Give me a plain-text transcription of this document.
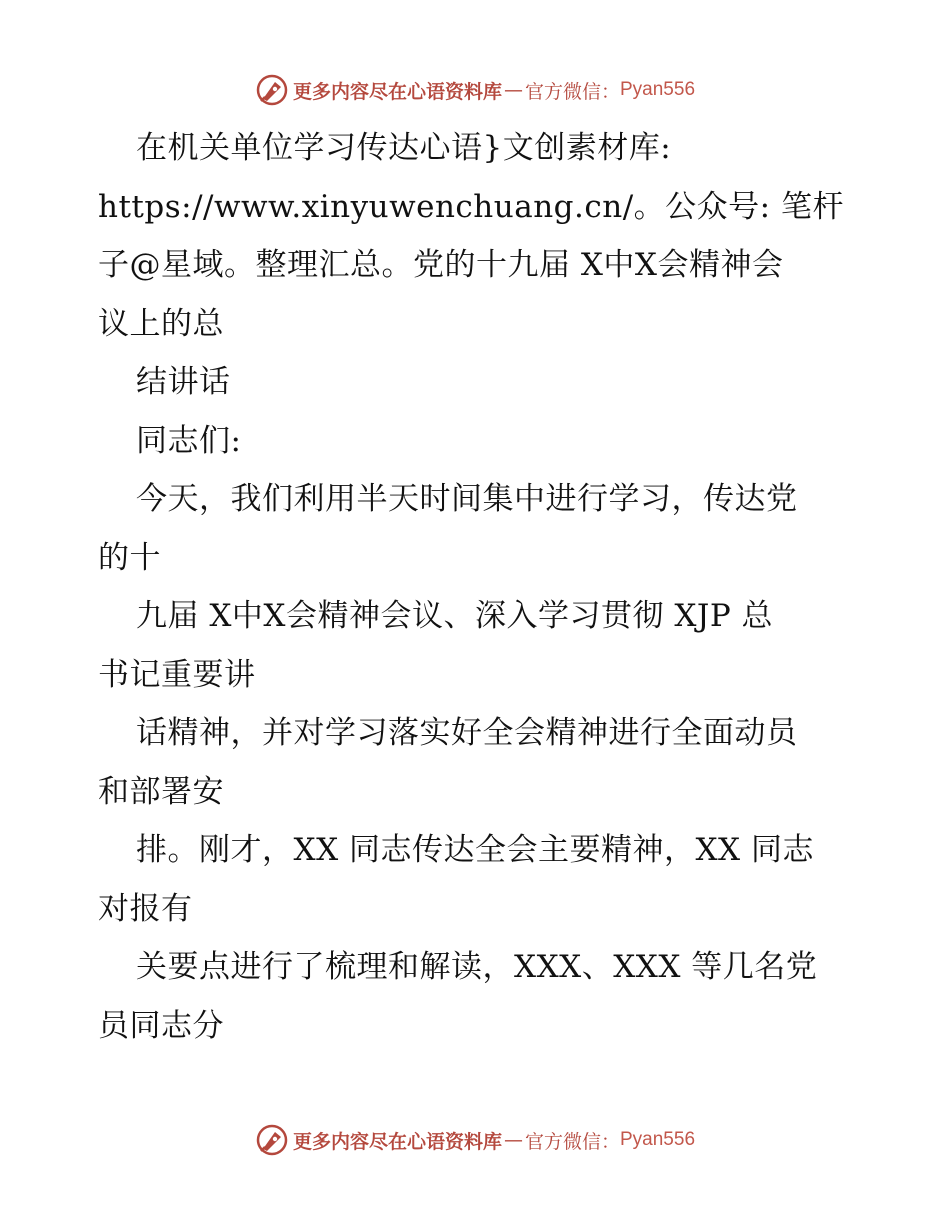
更多内容尽在心语资料库 — 官方微信： Pyan556
在机关单位学习传达心语}文创素材库:
https://www.xinyuwenchuang.cn/。公众号: 笔杆
子@星域。整理汇总。党的十九届 X中X会精神会
议上的总
结讲话
同志们:
今天，我们利用半天时间集中进行学习，传达党
的十
九届 X中X会精神会议、深入学习贯彻 XJP 总
书记重要讲
话精神，并对学习落实好全会精神进行全面动员
和部署安
排。刚才，XX 同志传达全会主要精神，XX 同志
对报有
关要点进行了梳理和解读，XXX、XXX 等几名党
员同志分
更多内容尽在心语资料库 — 官方微信： Pyan556
